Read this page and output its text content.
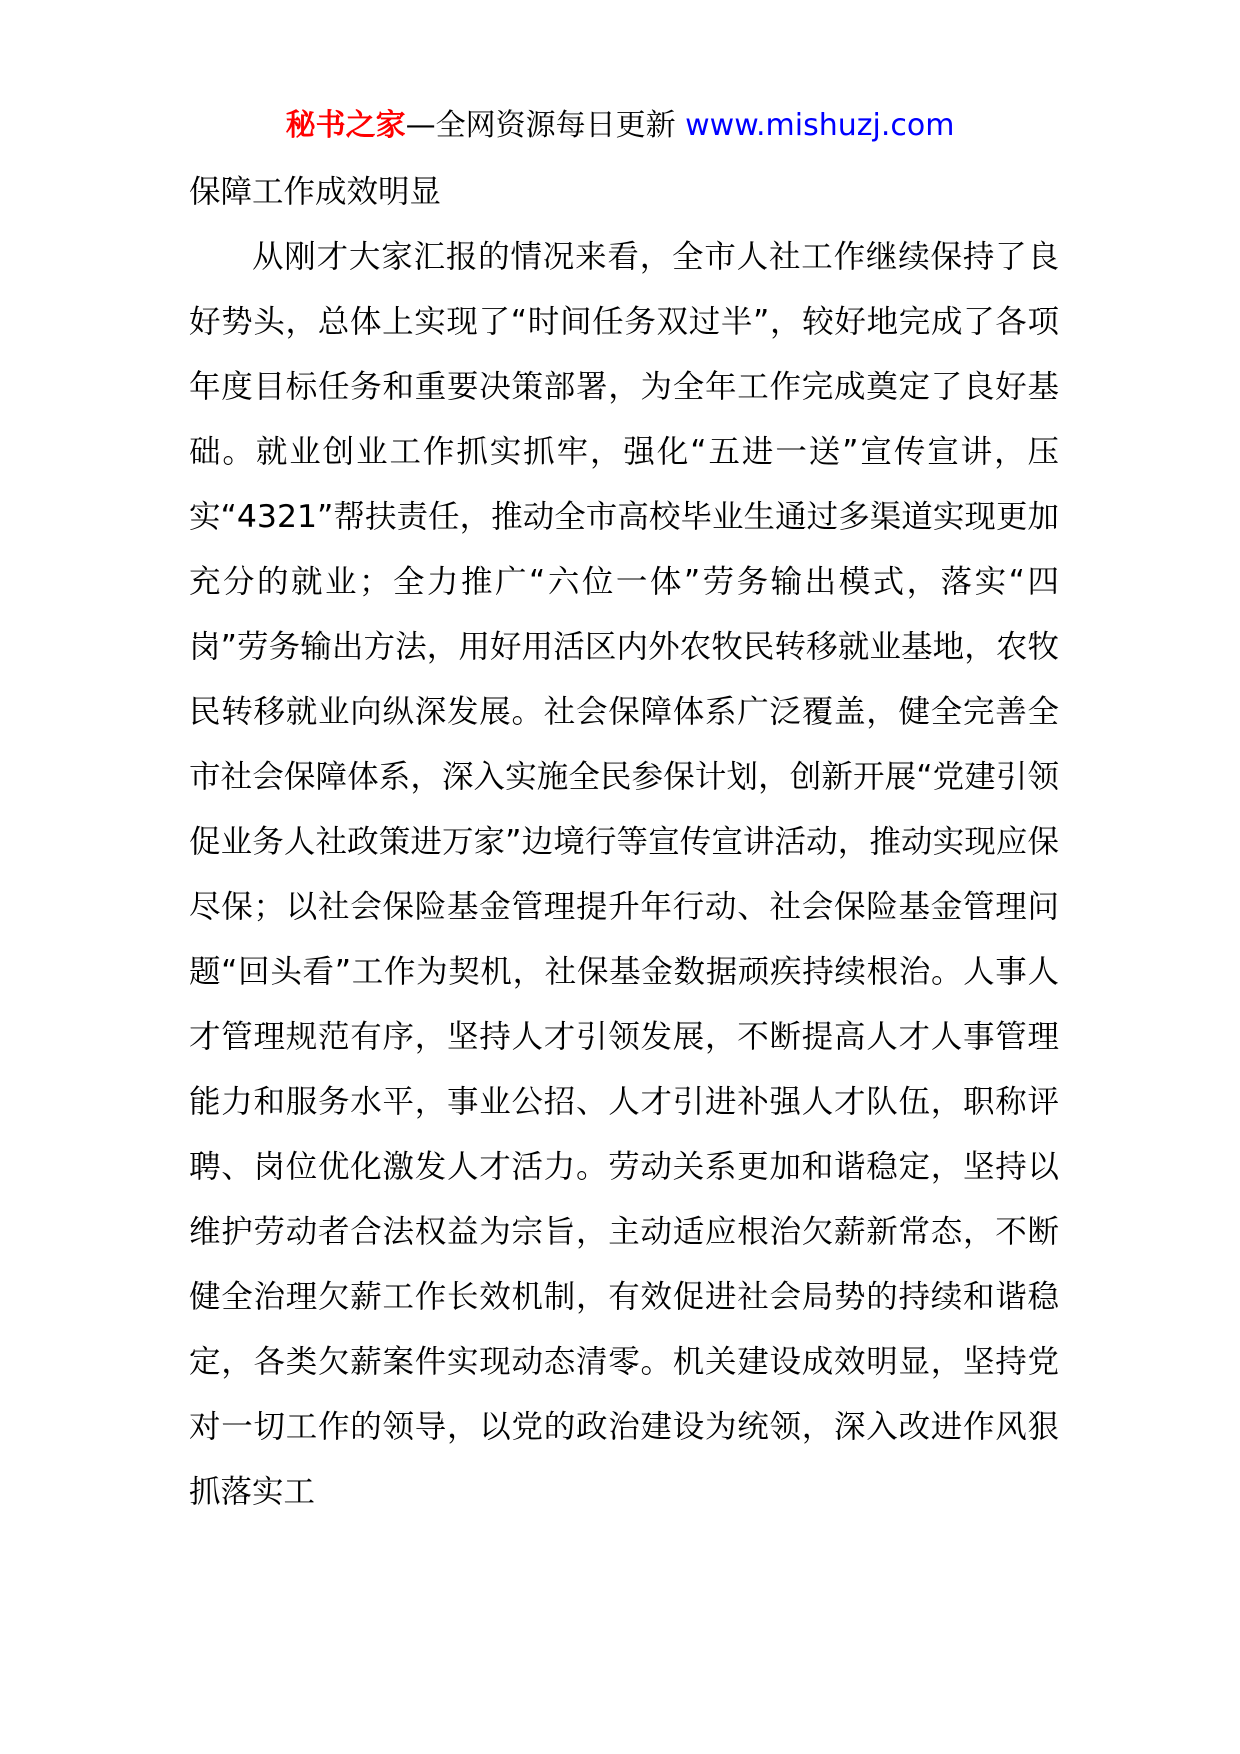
秘书之家—全网资源每日更新 www.mishuzj.com

保障工作成效明显

从刚才大家汇报的情况来看，全市人社工作继续保持了良好势头，总体上实现了“时间任务双过半”，较好地完成了各项年度目标任务和重要决策部署，为全年工作完成奠定了良好基础。就业创业工作抓实抓牢，强化“五进一送”宣传宣讲，压实“4321”帮扶责任，推动全市高校毕业生通过多渠道实现更加充分的就业；全力推广“六位一体”劳务输出模式，落实“四岗”劳务输出方法，用好用活区内外农牧民转移就业基地，农牧民转移就业向纵深发展。社会保障体系广泛覆盖，健全完善全市社会保障体系，深入实施全民参保计划，创新开展“党建引领促业务人社政策进万家”边境行等宣传宣讲活动，推动实现应保尽保；以社会保险基金管理提升年行动、社会保险基金管理问题“回头看”工作为契机，社保基金数据顽疾持续根治。人事人才管理规范有序，坚持人才引领发展，不断提高人才人事管理能力和服务水平，事业公招、人才引进补强人才队伍，职称评聘、岗位优化激发人才活力。劳动关系更加和谐稳定，坚持以维护劳动者合法权益为宗旨，主动适应根治欠薪新常态，不断健全治理欠薪工作长效机制，有效促进社会局势的持续和谐稳定，各类欠薪案件实现动态清零。机关建设成效明显，坚持党对一切工作的领导，以党的政治建设为统领，深入改进作风狠抓落实工
